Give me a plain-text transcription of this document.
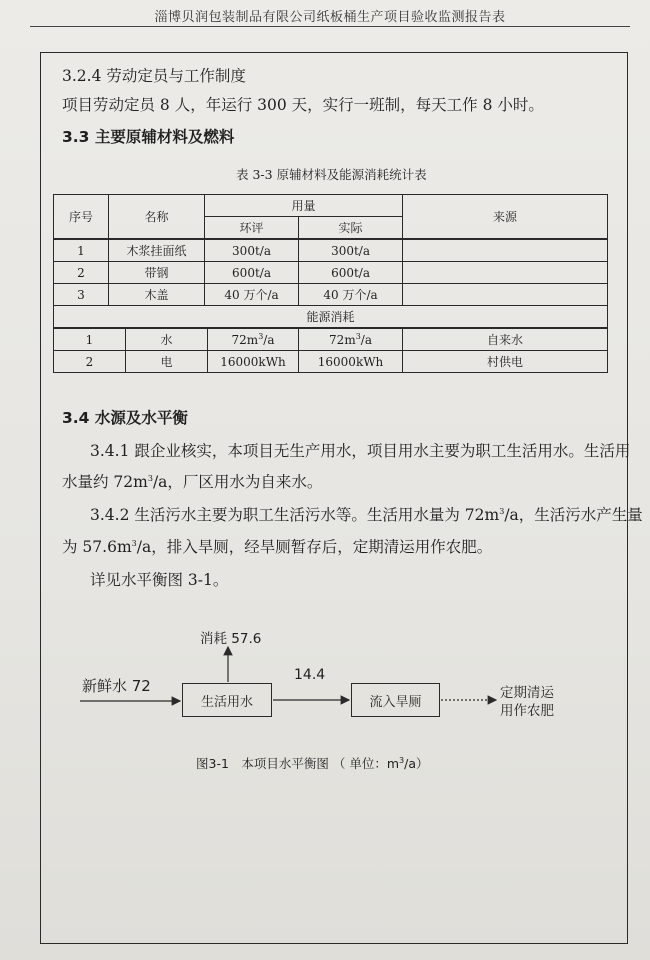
淄博贝润包装制品有限公司纸板桶生产项目验收监测报告表
3.2.4 劳动定员与工作制度
项目劳动定员 8 人，年运行 300 天，实行一班制，每天工作 8 小时。
3.3 主要原辅材料及燃料
表 3-3 原辅材料及能源消耗统计表
序号	名称		用量			来源
			环评		实际	
1	木浆挂面纸		300t/a		300t/a	
2	带钢		600t/a		600t/a	
3	木盖		40 万个/a		40 万个/a	
能源消耗						
1		水		$72m^3/a$	$72m^3/a$	自来水
2		电		16000kWh	16000kWh	村供电
3.4 水源及水平衡
3.4.1 跟企业核实，本项目无生产用水，项目用水主要为职工生活用水。生活用
水量约 $72m^3/a$，厂区用水为自来水。
3.4.2 生活污水主要为职工生活污水等。生活用水量为 $72m^3/a$，生活污水产生量
为 $57.6m^3/a$，排入旱厕，经旱厕暂存后，定期清运用作农肥。
详见水平衡图 3-1。
消耗 57.6
新鲜水 72
14.4
生活用水	流入旱厕
定期清运
用作农肥
图3-1　本项目水平衡图 （ 单位：$m^3/a$）
